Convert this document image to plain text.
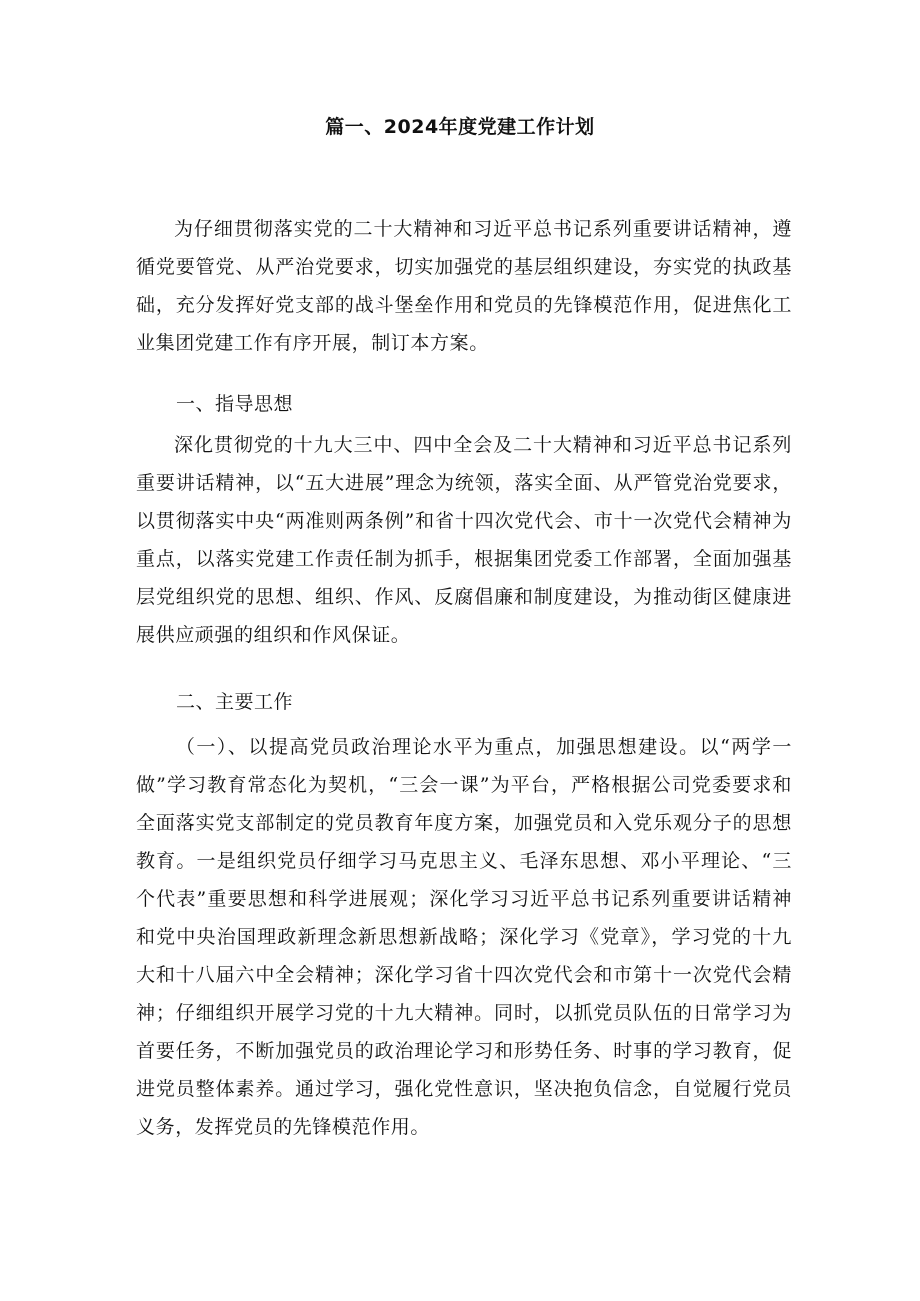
篇一、2024年度党建工作计划

为仔细贯彻落实党的二十大精神和习近平总书记系列重要讲话精神，遵循党要管党、从严治党要求，切实加强党的基层组织建设，夯实党的执政基础，充分发挥好党支部的战斗堡垒作用和党员的先锋模范作用，促进焦化工业集团党建工作有序开展，制订本方案。

一、指导思想

深化贯彻党的十九大三中、四中全会及二十大精神和习近平总书记系列重要讲话精神，以“五大进展”理念为统领，落实全面、从严管党治党要求，以贯彻落实中央“两准则两条例”和省十四次党代会、市十一次党代会精神为重点，以落实党建工作责任制为抓手，根据集团党委工作部署，全面加强基层党组织党的思想、组织、作风、反腐倡廉和制度建设，为推动街区健康进展供应顽强的组织和作风保证。

二、主要工作

（一）、以提高党员政治理论水平为重点，加强思想建设。以“两学一做”学习教育常态化为契机，“三会一课”为平台，严格根据公司党委要求和全面落实党支部制定的党员教育年度方案，加强党员和入党乐观分子的思想教育。一是组织党员仔细学习马克思主义、毛泽东思想、邓小平理论、“三个代表”重要思想和科学进展观；深化学习习近平总书记系列重要讲话精神和党中央治国理政新理念新思想新战略；深化学习《党章》，学习党的十九大和十八届六中全会精神；深化学习省十四次党代会和市第十一次党代会精神；仔细组织开展学习党的十九大精神。同时，以抓党员队伍的日常学习为首要任务，不断加强党员的政治理论学习和形势任务、时事的学习教育，促进党员整体素养。通过学习，强化党性意识，坚决抱负信念，自觉履行党员义务，发挥党员的先锋模范作用。
